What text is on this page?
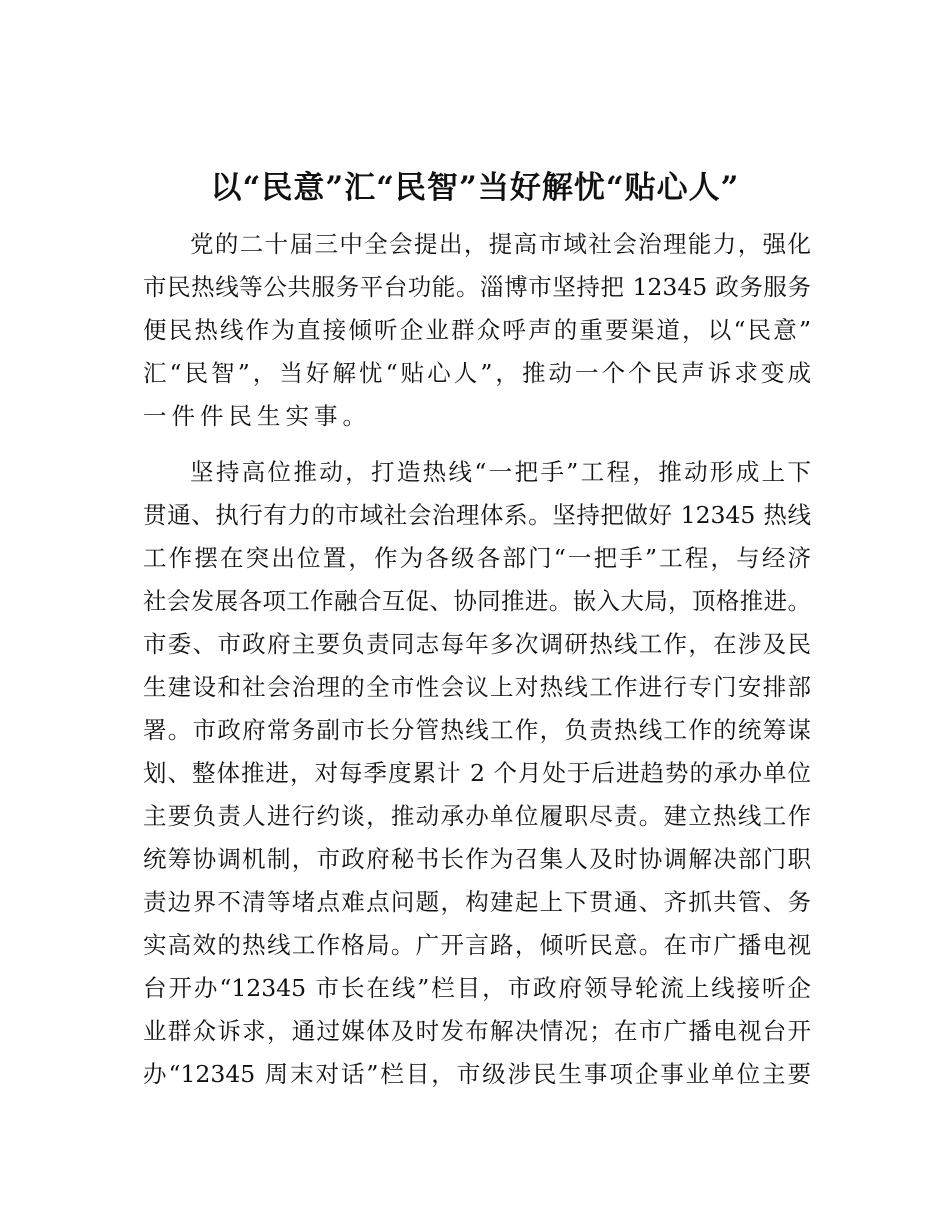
以“民意”汇“民智”当好解忧“贴心人”
党的二十届三中全会提出，提高市域社会治理能力，强化
市民热线等公共服务平台功能。淄博市坚持把 12345 政务服务
便民热线作为直接倾听企业群众呼声的重要渠道，以“民意”
汇“民智”，当好解忧“贴心人”，推动一个个民声诉求变成
一件件民生实事。
坚持高位推动，打造热线“一把手”工程，推动形成上下
贯通、执行有力的市域社会治理体系。坚持把做好 12345 热线
工作摆在突出位置，作为各级各部门“一把手”工程，与经济
社会发展各项工作融合互促、协同推进。嵌入大局，顶格推进。
市委、市政府主要负责同志每年多次调研热线工作，在涉及民
生建设和社会治理的全市性会议上对热线工作进行专门安排部
署。市政府常务副市长分管热线工作，负责热线工作的统筹谋
划、整体推进，对每季度累计 2 个月处于后进趋势的承办单位
主要负责人进行约谈，推动承办单位履职尽责。建立热线工作
统筹协调机制，市政府秘书长作为召集人及时协调解决部门职
责边界不清等堵点难点问题，构建起上下贯通、齐抓共管、务
实高效的热线工作格局。广开言路，倾听民意。在市广播电视
台开办“12345 市长在线”栏目，市政府领导轮流上线接听企
业群众诉求，通过媒体及时发布解决情况；在市广播电视台开
办“12345 周末对话”栏目，市级涉民生事项企事业单位主要
